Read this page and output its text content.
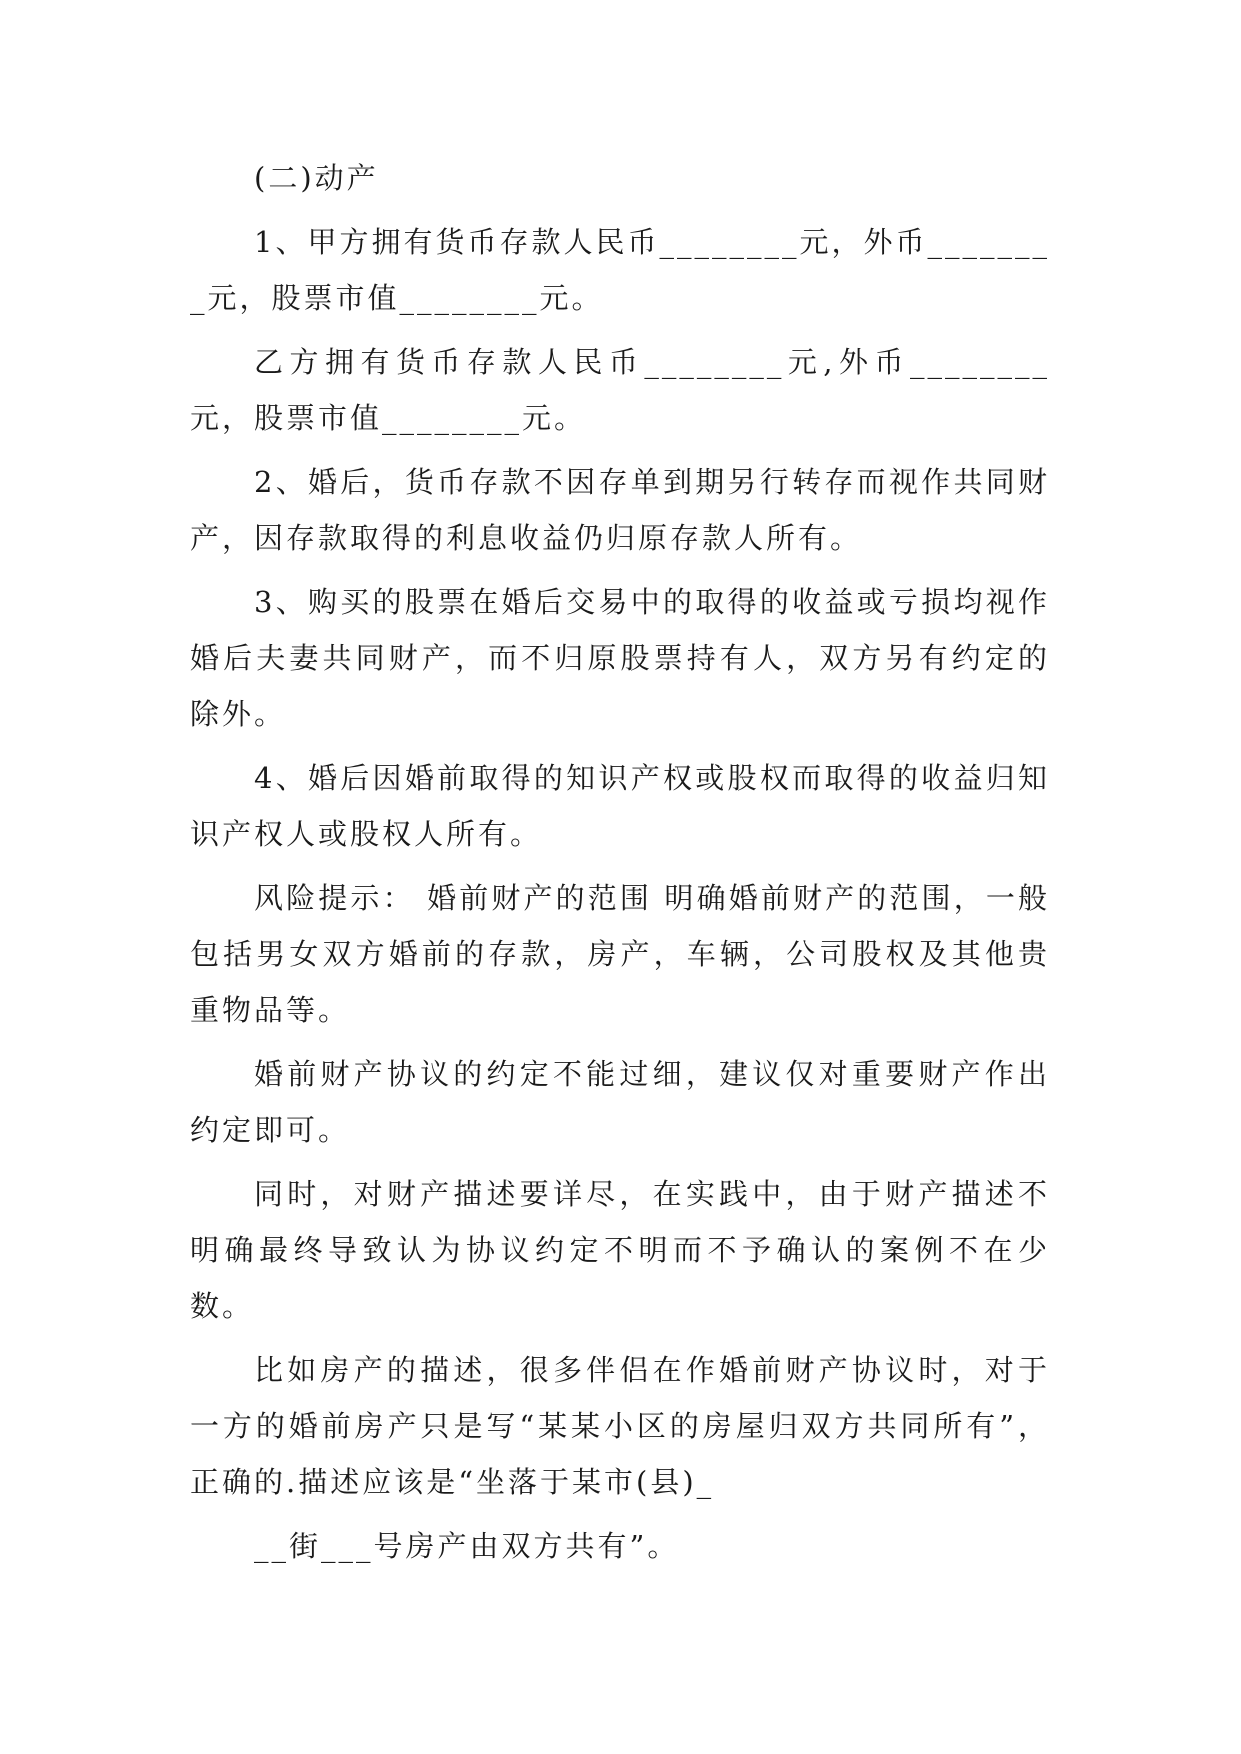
(二)动产

1、甲方拥有货币存款人民币________元，外币________元，股票市值________元。

乙方拥有货币存款人民币________元,外币________元，股票市值________元。

2、婚后，货币存款不因存单到期另行转存而视作共同财产，因存款取得的利息收益仍归原存款人所有。

3、购买的股票在婚后交易中的取得的收益或亏损均视作婚后夫妻共同财产，而不归原股票持有人，双方另有约定的除外。

4、婚后因婚前取得的知识产权或股权而取得的收益归知识产权人或股权人所有。

风险提示： 婚前财产的范围 明确婚前财产的范围，一般包括男女双方婚前的存款，房产，车辆，公司股权及其他贵重物品等。

婚前财产协议的约定不能过细，建议仅对重要财产作出约定即可。

同时，对财产描述要详尽，在实践中，由于财产描述不明确最终导致认为协议约定不明而不予确认的案例不在少数。

比如房产的描述，很多伴侣在作婚前财产协议时，对于一方的婚前房产只是写“某某小区的房屋归双方共同所有”，正确的.描述应该是“坐落于某市(县)_

__街___号房产由双方共有”。
